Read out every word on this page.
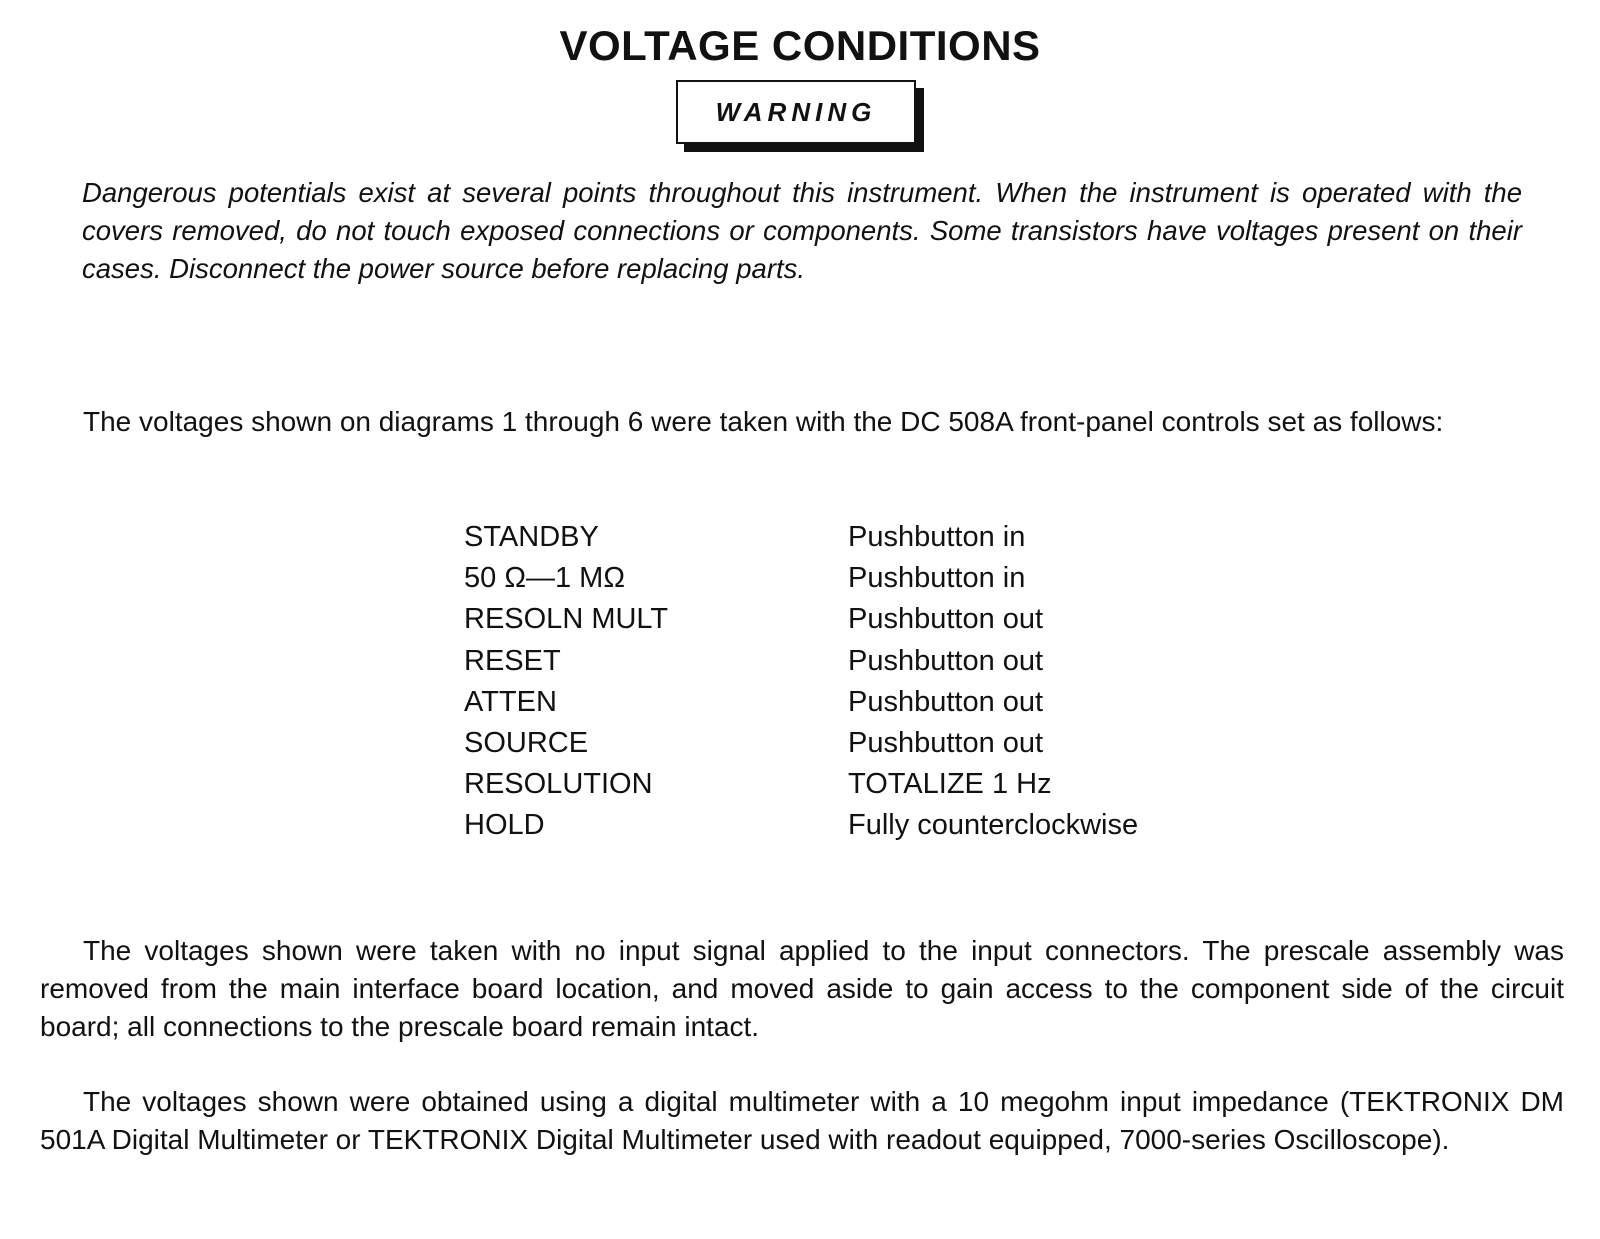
VOLTAGE CONDITIONS
WARNING

Dangerous potentials exist at several points throughout this instrument. When the instrument is operated with the covers removed, do not touch exposed connections or components. Some transistors have voltages present on their cases. Disconnect the power source before replacing parts.

The voltages shown on diagrams 1 through 6 were taken with the DC 508A front-panel controls set as follows:

STANDBY	Pushbutton in
50 Ω—1 MΩ	Pushbutton in
RESOLN MULT	Pushbutton out
RESET	Pushbutton out
ATTEN	Pushbutton out
SOURCE	Pushbutton out
RESOLUTION	TOTALIZE 1 Hz
HOLD	Fully counterclockwise

The voltages shown were taken with no input signal applied to the input connectors. The prescale assembly was removed from the main interface board location, and moved aside to gain access to the component side of the circuit board; all connections to the prescale board remain intact.

The voltages shown were obtained using a digital multimeter with a 10 megohm input impedance (TEKTRONIX DM 501A Digital Multimeter or TEKTRONIX Digital Multimeter used with readout equipped, 7000-series Oscilloscope).
